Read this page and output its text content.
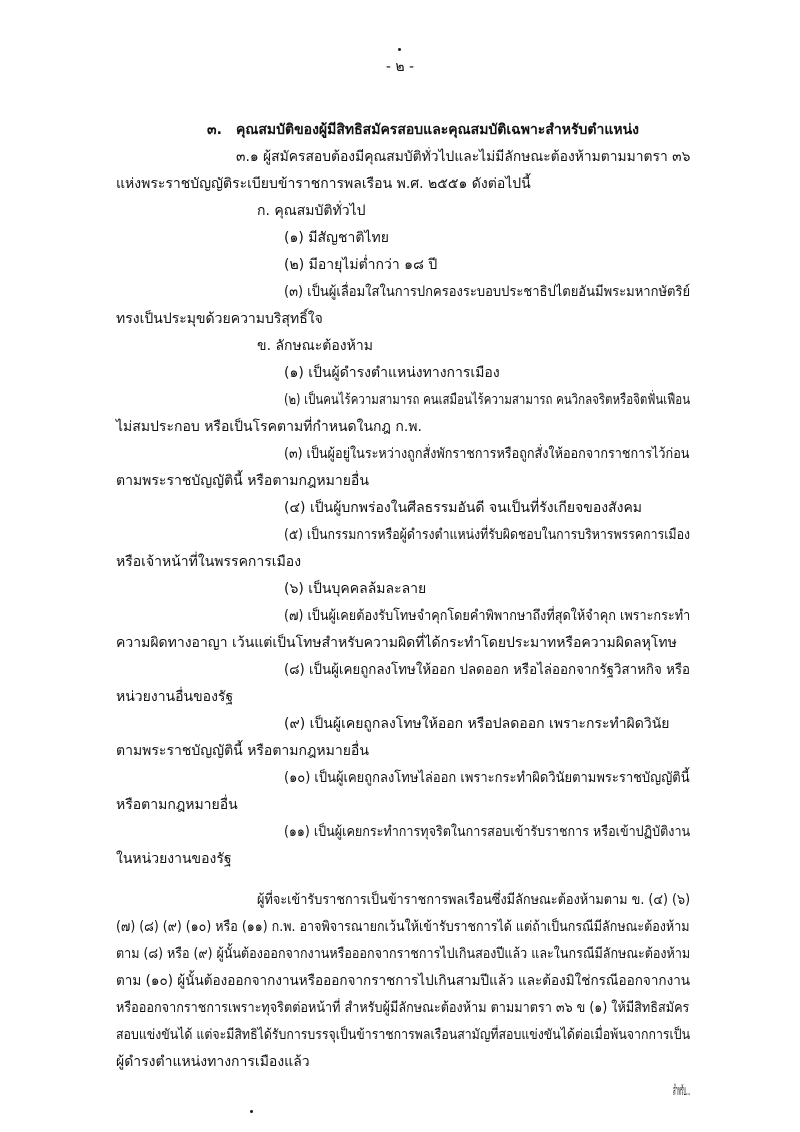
- ๒ -
๓. คุณสมบัติของผู้มีสิทธิสมัครสอบและคุณสมบัติเฉพาะสำหรับตำแหน่ง
๓.๑ ผู้สมัครสอบต้องมีคุณสมบัติทั่วไปและไม่มีลักษณะต้องห้ามตามมาตรา ๓๖
แห่งพระราชบัญญัติระเบียบข้าราชการพลเรือน พ.ศ. ๒๕๕๑ ดังต่อไปนี้
ก. คุณสมบัติทั่วไป
(๑) มีสัญชาติไทย
(๒) มีอายุไม่ต่ำกว่า ๑๘ ปี
(๓) เป็นผู้เลื่อมใสในการปกครองระบอบประชาธิปไตยอันมีพระมหากษัตริย์
ทรงเป็นประมุขด้วยความบริสุทธิ์ใจ
ข. ลักษณะต้องห้าม
(๑) เป็นผู้ดำรงตำแหน่งทางการเมือง
(๒) เป็นคนไร้ความสามารถ คนเสมือนไร้ความสามารถ คนวิกลจริตหรือจิตฟั่นเฟือน
ไม่สมประกอบ หรือเป็นโรคตามที่กำหนดในกฎ ก.พ.
(๓) เป็นผู้อยู่ในระหว่างถูกสั่งพักราชการหรือถูกสั่งให้ออกจากราชการไว้ก่อน
ตามพระราชบัญญัตินี้ หรือตามกฎหมายอื่น
(๔) เป็นผู้บกพร่องในศีลธรรมอันดี จนเป็นที่รังเกียจของสังคม
(๕) เป็นกรรมการหรือผู้ดำรงตำแหน่งที่รับผิดชอบในการบริหารพรรคการเมือง
หรือเจ้าหน้าที่ในพรรคการเมือง
(๖) เป็นบุคคลล้มละลาย
(๗) เป็นผู้เคยต้องรับโทษจำคุกโดยคำพิพากษาถึงที่สุดให้จำคุก เพราะกระทำ
ความผิดทางอาญา เว้นแต่เป็นโทษสำหรับความผิดที่ได้กระทำโดยประมาทหรือความผิดลหุโทษ
(๘) เป็นผู้เคยถูกลงโทษให้ออก ปลดออก หรือไล่ออกจากรัฐวิสาหกิจ หรือ
หน่วยงานอื่นของรัฐ
(๙) เป็นผู้เคยถูกลงโทษให้ออก หรือปลดออก เพราะกระทำผิดวินัย
ตามพระราชบัญญัตินี้ หรือตามกฎหมายอื่น
(๑๐) เป็นผู้เคยถูกลงโทษไล่ออก เพราะกระทำผิดวินัยตามพระราชบัญญัตินี้
หรือตามกฎหมายอื่น
(๑๑) เป็นผู้เคยกระทำการทุจริตในการสอบเข้ารับราชการ หรือเข้าปฏิบัติงาน
ในหน่วยงานของรัฐ
ผู้ที่จะเข้ารับราชการเป็นข้าราชการพลเรือนซึ่งมีลักษณะต้องห้ามตาม ข. (๔) (๖)
(๗) (๘) (๙) (๑๐) หรือ (๑๑) ก.พ. อาจพิจารณายกเว้นให้เข้ารับราชการได้ แต่ถ้าเป็นกรณีมีลักษณะต้องห้าม
ตาม (๘) หรือ (๙) ผู้นั้นต้องออกจากงานหรือออกจากราชการไปเกินสองปีแล้ว และในกรณีมีลักษณะต้องห้าม
ตาม (๑๐) ผู้นั้นต้องออกจากงานหรือออกจากราชการไปเกินสามปีแล้ว และต้องมิใช่กรณีออกจากงาน
หรือออกจากราชการเพราะทุจริตต่อหน้าที่ สำหรับผู้มีลักษณะต้องห้าม ตามมาตรา ๓๖ ข (๑) ให้มีสิทธิสมัคร
สอบแข่งขันได้ แต่จะมีสิทธิได้รับการบรรจุเป็นข้าราชการพลเรือนสามัญที่สอบแข่งขันได้ต่อเมื่อพ้นจากการเป็น
ผู้ดำรงตำแหน่งทางการเมืองแล้ว
สำหรับ...
